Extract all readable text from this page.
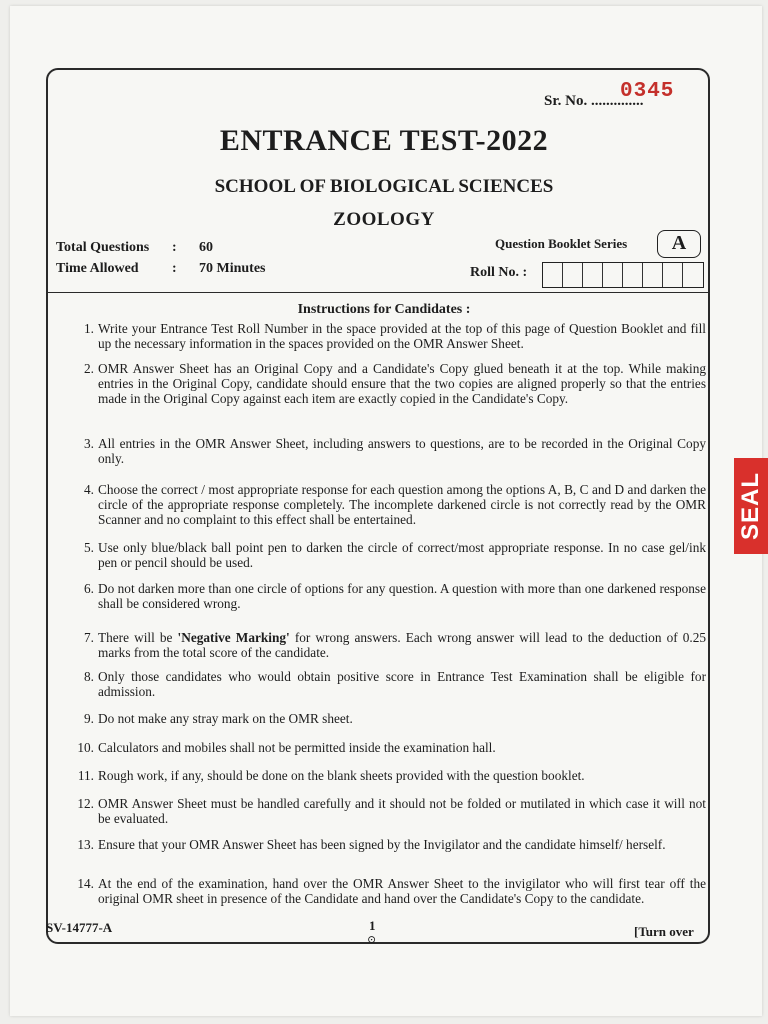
Sr. No. ..............
0345
ENTRANCE TEST-2022
SCHOOL OF BIOLOGICAL SCIENCES
ZOOLOGY
Total Questions : 60
Time Allowed : 70 Minutes
Question Booklet Series	A
Roll No. :
Instructions for Candidates :
1. Write your Entrance Test Roll Number in the space provided at the top of this page of Question Booklet and fill up the necessary information in the spaces provided on the OMR Answer Sheet.
2. OMR Answer Sheet has an Original Copy and a Candidate's Copy glued beneath it at the top. While making entries in the Original Copy, candidate should ensure that the two copies are aligned properly so that the entries made in the Original Copy against each item are exactly copied in the Candidate's Copy.
3. All entries in the OMR Answer Sheet, including answers to questions, are to be recorded in the Original Copy only.
4. Choose the correct / most appropriate response for each question among the options A, B, C and D and darken the circle of the appropriate response completely. The incomplete darkened circle is not correctly read by the OMR Scanner and no complaint to this effect shall be entertained.
5. Use only blue/black ball point pen to darken the circle of correct/most appropriate response. In no case gel/ink pen or pencil should be used.
6. Do not darken more than one circle of options for any question. A question with more than one darkened response shall be considered wrong.
7. There will be 'Negative Marking' for wrong answers. Each wrong answer will lead to the deduction of 0.25 marks from the total score of the candidate.
8. Only those candidates who would obtain positive score in Entrance Test Examination shall be eligible for admission.
9. Do not make any stray mark on the OMR sheet.
10. Calculators and mobiles shall not be permitted inside the examination hall.
11. Rough work, if any, should be done on the blank sheets provided with the question booklet.
12. OMR Answer Sheet must be handled carefully and it should not be folded or mutilated in which case it will not be evaluated.
13. Ensure that your OMR Answer Sheet has been signed by the Invigilator and the candidate himself/ herself.
14. At the end of the examination, hand over the OMR Answer Sheet to the invigilator who will first tear off the original OMR sheet in presence of the Candidate and hand over the Candidate's Copy to the candidate.
SV-14777-A	1
⊙
[Turn over
SEAL
